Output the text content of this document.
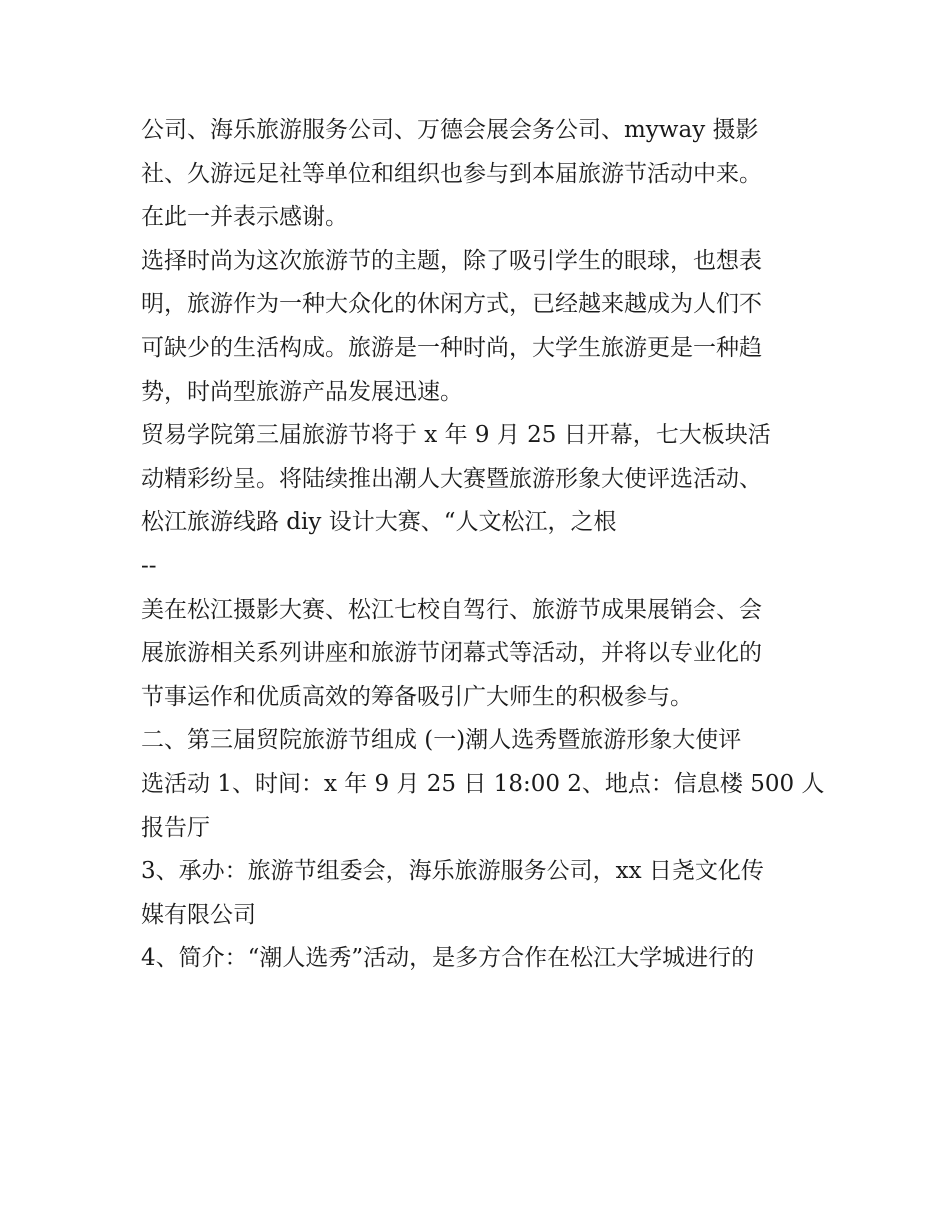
公司、海乐旅游服务公司、万德会展会务公司、myway 摄影
社、久游远足社等单位和组织也参与到本届旅游节活动中来。
在此一并表示感谢。
选择时尚为这次旅游节的主题，除了吸引学生的眼球，也想表
明，旅游作为一种大众化的休闲方式，已经越来越成为人们不
可缺少的生活构成。旅游是一种时尚，大学生旅游更是一种趋
势，时尚型旅游产品发展迅速。
贸易学院第三届旅游节将于 x 年 9 月 25 日开幕，七大板块活
动精彩纷呈。将陆续推出潮人大赛暨旅游形象大使评选活动、
松江旅游线路 diy 设计大赛、“人文松江，之根
--
美在松江摄影大赛、松江七校自驾行、旅游节成果展销会、会
展旅游相关系列讲座和旅游节闭幕式等活动，并将以专业化的
节事运作和优质高效的筹备吸引广大师生的积极参与。
二、第三届贸院旅游节组成 (一)潮人选秀暨旅游形象大使评
选活动 1、时间：x 年 9 月 25 日 18:00 2、地点：信息楼 500 人
报告厅
3、承办：旅游节组委会，海乐旅游服务公司，xx 日尧文化传
媒有限公司
4、简介：“潮人选秀”活动，是多方合作在松江大学城进行的
